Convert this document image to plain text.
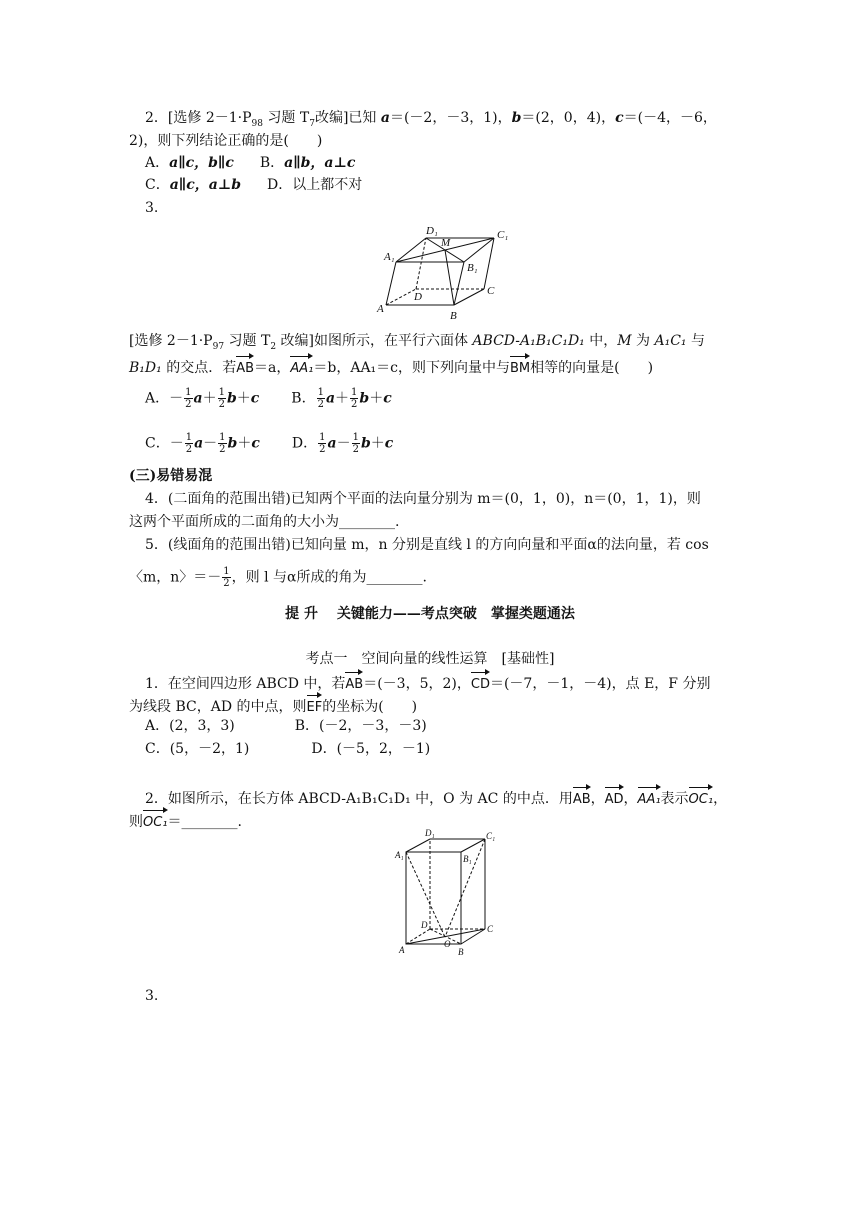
2．[选修 $2-1\cdot P_{98}$ 习题 $T_7$改编]已知 a＝(－2，－3，1)，b＝(2，0，4)，c＝(－4，－6，
2)，则下列结论正确的是(　　)
A．a∥c，b∥c B．a∥b，a⊥c
C．a∥c，a⊥b D．以上都不对
3.
D₁
M
C₁
A₁
B₁
D	C
A
B
[选修 $2-1\cdot P_{97}$ 习题 $T_2$ 改编]如图所示，在平行六面体 ABCD-A₁B₁C₁D₁ 中，M 为 A₁C₁ 与
B₁D₁ 的交点．若AB＝a，AA₁＝b，AA₁＝c，则下列向量中与BM相等的向量是(　　)
A．－ $\frac{1}{2} a+ \frac{1}{2} b+c$ B． $\frac{1}{2} a+ \frac{1}{2} b+c$
C．－ $\frac{1}{2} a- \frac{1}{2} b+c$ D． $\frac{1}{2} a- \frac{1}{2} b+c$
(三)易错易混
4．(二面角的范围出错)已知两个平面的法向量分别为 m＝(0，1，0)，n＝(0，1，1)，则
这两个平面所成的二面角的大小为________.
5．(线面角的范围出错)已知向量 m，n 分别是直线 l 的方向向量和平面α的法向量，若 cos
〈m，n〉＝－ $\frac{1}{2}$ ，则 l 与α所成的角为________.
提 升　 关键能力——考点突破　掌握类题通法
考点一　空间向量的线性运算　[基础性]
1．在空间四边形 ABCD 中，若AB＝(－3，5，2)，CD＝(－7，－1，－4)，点 E，F 分别
为线段 BC，AD 的中点，则EF的坐标为(　　)
A．(2，3，3)	B．(－2，－3，－3)
C．(5，－2，1)	D．(－5，2，－1)
2．如图所示，在长方体 ABCD-A₁B₁C₁D₁ 中，O 为 AC 的中点．用AB，AD，AA₁表示OC₁，
则OC₁＝________.
D₁	C₁
A₁	B₁
D
O
C
A	B
3.
